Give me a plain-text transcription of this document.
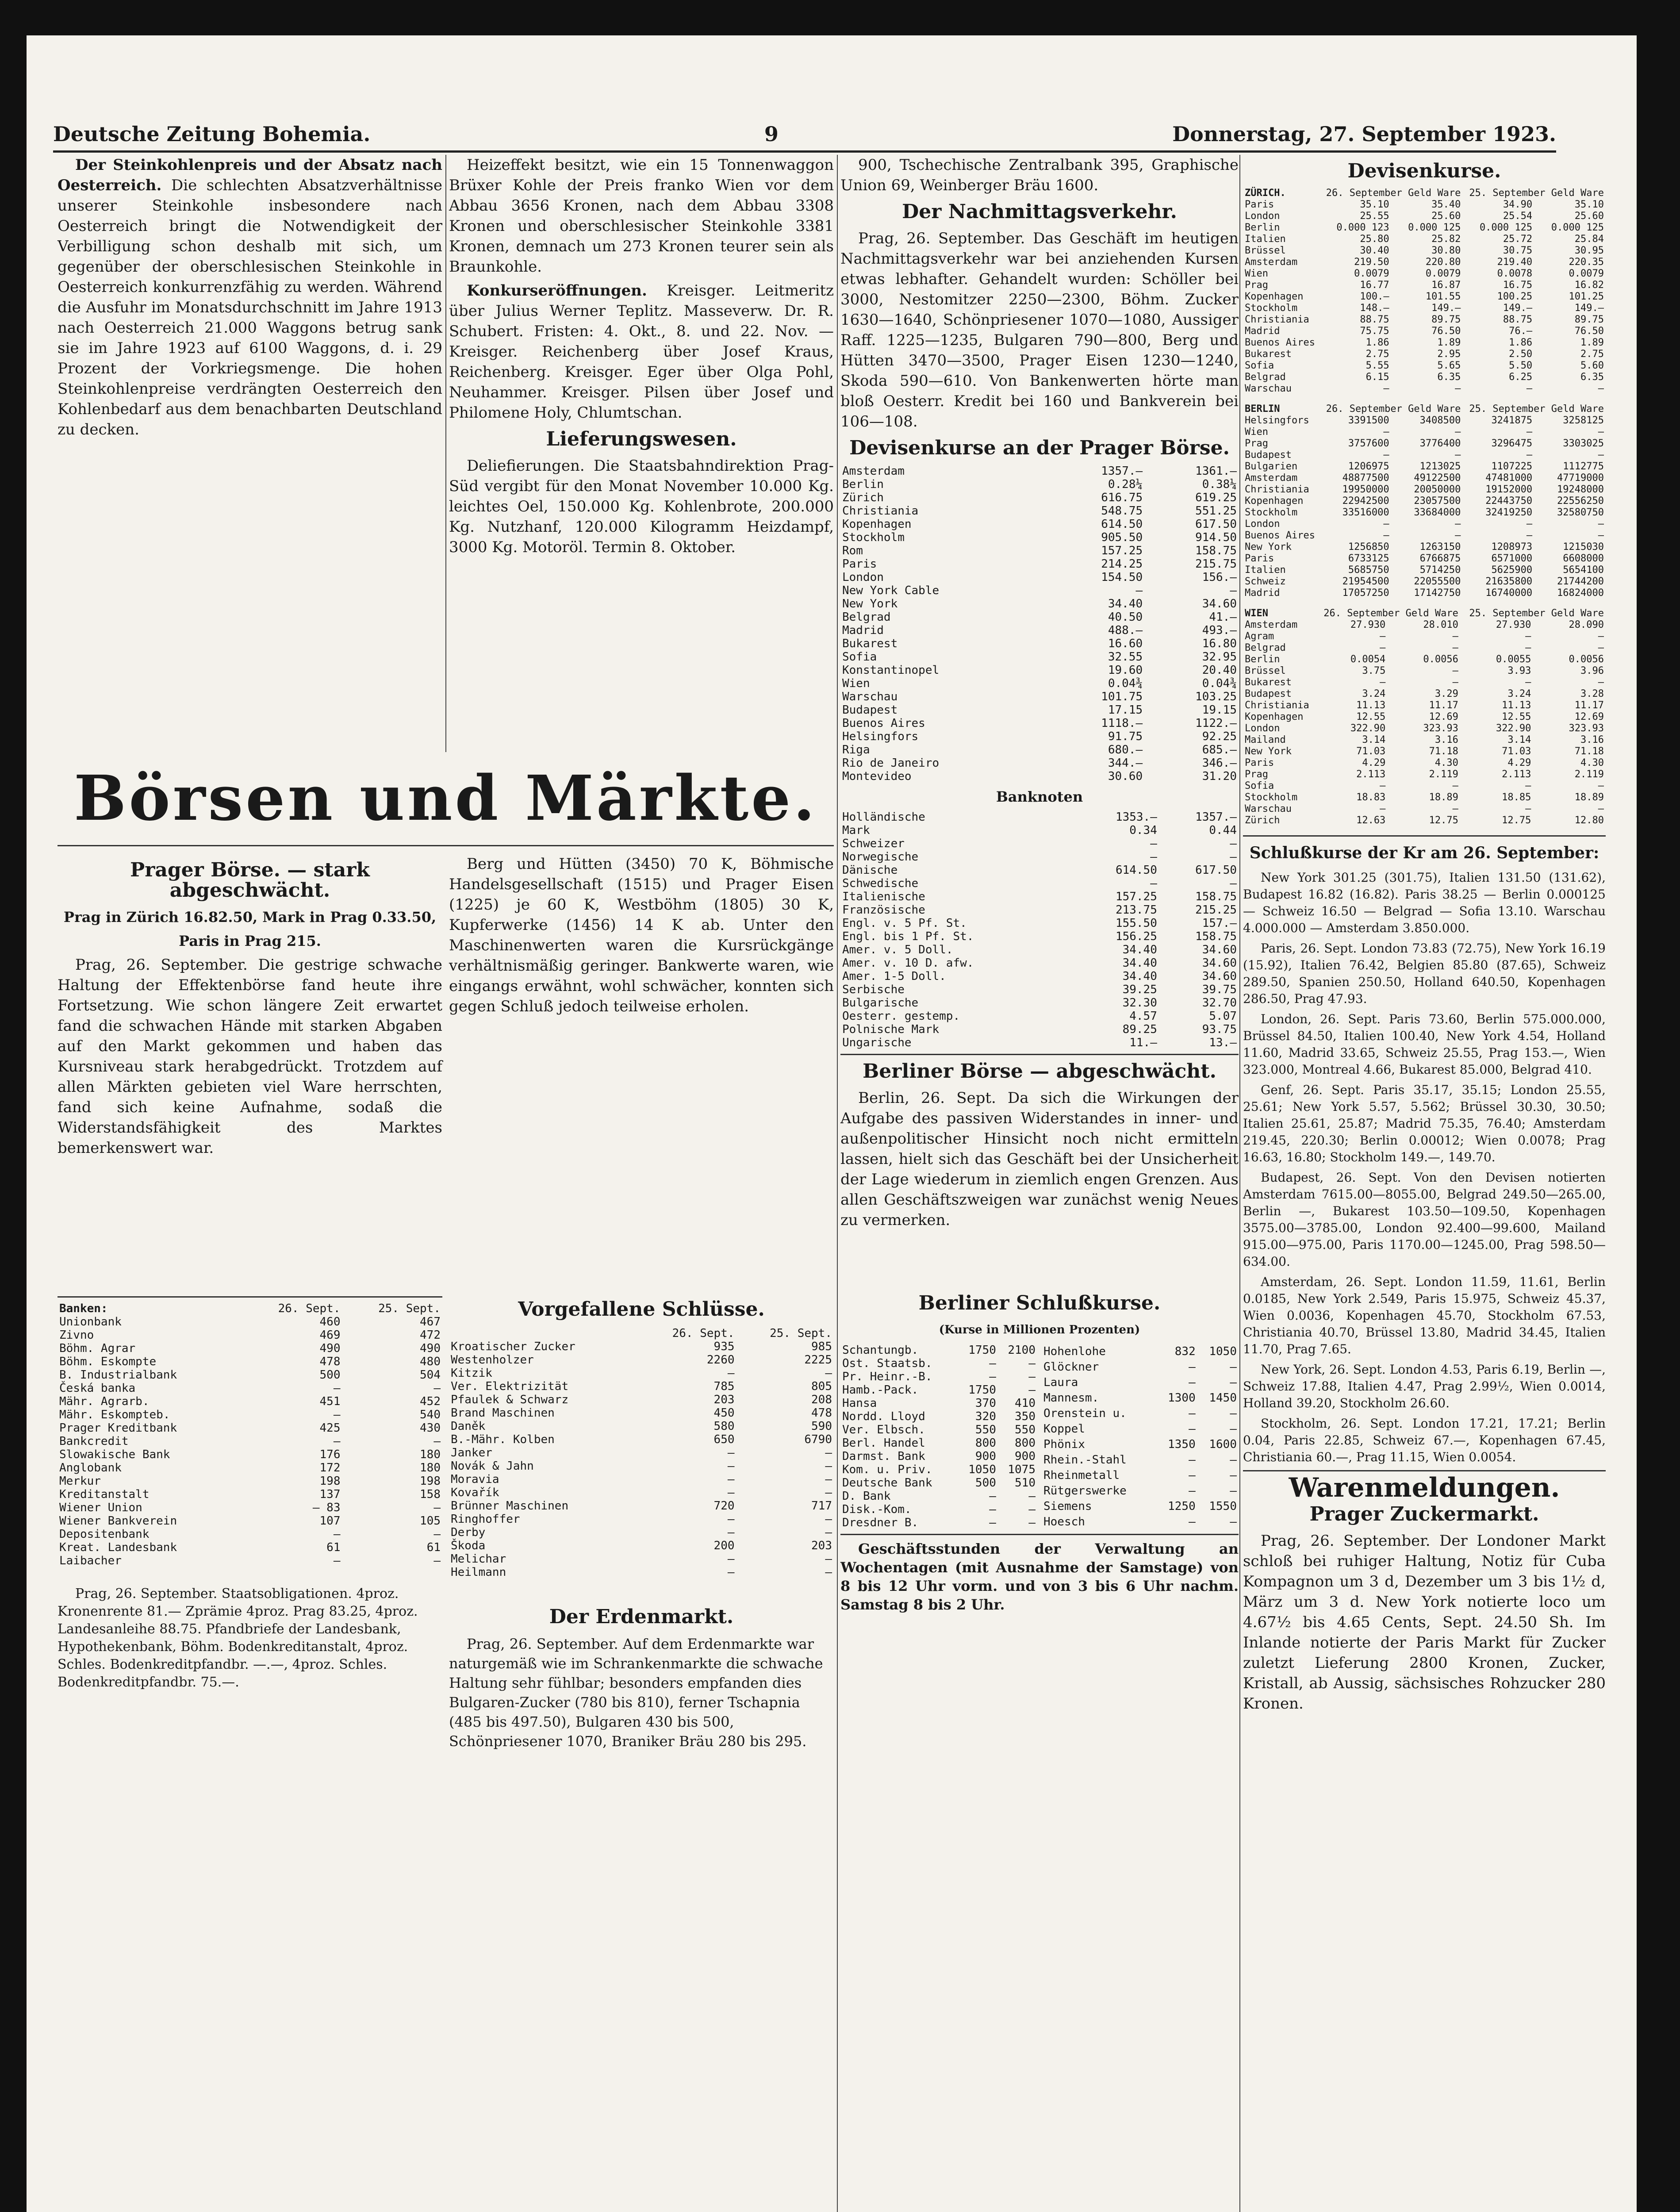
Deutsche Zeitung Bohemia.	9	Donnerstag, 27. September 1923.

Der Steinkohlenpreis und der Absatz nach Oesterreich. Die schlechten Absatzverhältnisse unserer Steinkohle insbesondere nach Oesterreich bringt die Notwendigkeit der Verbilligung schon deshalb mit sich, um gegenüber der oberschlesischen Steinkohle in Oesterreich konkurrenzfähig zu werden. Während die Ausfuhr im Monatsdurchschnitt im Jahre 1913 nach Oesterreich 21.000 Waggons betrug sank sie im Jahre 1923 auf 6100 Waggons, d. i. 29 Prozent der Vorkriegsmenge. Die hohen Steinkohlenpreise verdrängten Oesterreich den Kohlenbedarf aus dem benachbarten Deutschland zu decken.

Börsen und Märkte.
Prager Börse. — stark abgeschwächt.
Prag in Zürich 16.82.50, Mark in Prag 0.33.50,
Paris in Prag 215.

Prag, 26. September. Die gestrige schwache Haltung der Effektenbörse fand heute ihre Fortsetzung. Wie schon längere Zeit erwartet fand die schwachen Hände mit starken Abgaben auf den Markt gekommen und haben das Kursniveau stark herabgedrückt. Trotzdem auf allen Märkten gebieten viel Ware herrschten, fand sich keine Aufnahme, sodaß die Widerstandsfähigkeit des Marktes bemerkenswert war.

Berg und Hütten (3450) 70 K, Böhmische Handelsgesellschaft (1515) und Prager Eisen (1225) je 60 K, Westböhm (1805) 30 K, Kupferwerke (1456) 14 K ab. Unter den Maschinenwerten waren die Kursrückgänge verhältnismäßig geringer. Bankwerte waren, wie eingangs erwähnt, wohl schwächer, konnten sich gegen Schluß jedoch teilweise erholen.

Heizeffekt besitzt, wie ein 15 Tonnenwaggon Brüxer Kohle der Preis franko Wien vor dem Abbau 3656 Kronen, nach dem Abbau 3308 Kronen und oberschlesischer Steinkohle 3381 Kronen, demnach um 273 Kronen teurer sein als Braunkohle.

Konkurseröffnungen. Kreisger. Leitmeritz über Julius Werner Teplitz. Masseverw. Dr. R. Schubert. Fristen: 4. Okt., 8. und 22. Nov. — Kreisger. Reichenberg über Josef Kraus, Reichenberg. Kreisger. Eger über Olga Pohl, Neuhammer. Kreisger. Pilsen über Josef und Philomene Holy, Chlumtschan.

Lieferungswesen.

Deliefierungen. Die Staatsbahndirektion Prag-Süd vergibt für den Monat November 10.000 Kg. leichtes Oel, 150.000 Kg. Kohlenbrote, 200.000 Kg. Nutzhanf, 120.000 Kilogramm Heizdampf, 3000 Kg. Motoröl. Termin 8. Oktober.

Banken:	26. Sept.	25. Sept.
Unionbank	460	467
Zivno	469	472
Böhm. Agrar	490	490
Böhm. Eskompte	478	480
B. Industrialbank	500	504
Česká banka	—	—
Mähr. Agrarb.	451	452
Mähr. Eskompteb.	—	540
Prager Kreditbank	425	430
Bankcredit	—	—
Slowakische Bank	176	180
Anglobank	172	180
Merkur	198	198
Kreditanstalt	137	158
Wiener Union	— 83	—
Wiener Bankverein	107	105
Depositenbank	—	—
Kreat. Landesbank	61	61
Laibacher	—	—

Prag, 26. September. Staatsobligationen. 4proz. Kronenrente 81.— Zprämie 4proz. Prag 83.25, 4proz. Landesanleihe 88.75. Pfandbriefe der Landesbank, Hypothekenbank, Böhm. Bodenkreditanstalt, 4proz. Schles. Bodenkreditpfandbr. —.—, 4proz. Schles. Bodenkreditpfandbr. 75.—.

Vorgefallene Schlüsse.
	26. Sept.	25. Sept.
Kroatischer Zucker	935	985
Westenholzer	2260	2225
Kitzik	—	—
Ver. Elektrizität	785	805
Pfaulek & Schwarz	203	208
Brand Maschinen	450	478
Daněk	580	590
B.-Mähr. Kolben	650	6790
Janker	—	—
Novák & Jahn	—	—
Moravia	—	—
Kovařík	—	—
Brünner Maschinen	720	717
Ringhoffer	—	—
Derby	—	—
Škoda	200	203
Melichar	—	—
Heilmann	—	—
Der Erdenmarkt.

Prag, 26. September. Auf dem Erdenmarkte war naturgemäß wie im Schrankenmarkte die schwache Haltung sehr fühlbar; besonders empfanden dies Bulgaren-Zucker (780 bis 810), ferner Tschapnia (485 bis 497.50), Bulgaren 430 bis 500, Schönpriesener 1070, Braniker Bräu 280 bis 295.

900, Tschechische Zentralbank 395, Graphische Union 69, Weinberger Bräu 1600.

Der Nachmittagsverkehr.

Prag, 26. September. Das Geschäft im heutigen Nachmittagsverkehr war bei anziehenden Kursen etwas lebhafter. Gehandelt wurden: Schöller bei 3000, Nestomitzer 2250—2300, Böhm. Zucker 1630—1640, Schönpriesener 1070—1080, Aussiger Raff. 1225—1235, Bulgaren 790—800, Berg und Hütten 3470—3500, Prager Eisen 1230—1240, Skoda 590—610. Von Bankenwerten hörte man bloß Oesterr. Kredit bei 160 und Bankverein bei 106—108.

Devisenkurse an der Prager Börse.
Amsterdam	1357.—	1361.—
Berlin	0.28¼	0.38¼
Zürich	616.75	619.25
Christiania	548.75	551.25
Kopenhagen	614.50	617.50
Stockholm	905.50	914.50
Rom	157.25	158.75
Paris	214.25	215.75
London	154.50	156.—
New York Cable	—	—
New York	34.40	34.60
Belgrad	40.50	41.—
Madrid	488.—	493.—
Bukarest	16.60	16.80
Sofia	32.55	32.95
Konstantinopel	19.60	20.40
Wien	0.04¾	0.04¾
Warschau	101.75	103.25
Budapest	17.15	19.15
Buenos Aires	1118.—	1122.—
Helsingfors	91.75	92.25
Riga	680.—	685.—
Rio de Janeiro	344.—	346.—
Montevideo	30.60	31.20
Banknoten
Holländische	1353.—	1357.—
Mark	0.34	0.44
Schweizer	—	—
Norwegische	—	—
Dänische	614.50	617.50
Schwedische	—	—
Italienische	157.25	158.75
Französische	213.75	215.25
Engl. v. 5 Pf. St.	155.50	157.—
Engl. bis 1 Pf. St.	156.25	158.75
Amer. v. 5 Doll.	34.40	34.60
Amer. v. 10 D. afw.	34.40	34.60
Amer. 1-5 Doll.	34.40	34.60
Serbische	39.25	39.75
Bulgarische	32.30	32.70
Oesterr. gestemp.	4.57	5.07
Polnische Mark	89.25	93.75
Ungarische	11.—	13.—
Berliner Börse — abgeschwächt.

Berlin, 26. Sept. Da sich die Wirkungen der Aufgabe des passiven Widerstandes in inner- und außenpolitischer Hinsicht noch nicht ermitteln lassen, hielt sich das Geschäft bei der Unsicherheit der Lage wiederum in ziemlich engen Grenzen. Aus allen Geschäftszweigen war zunächst wenig Neues zu vermerken.

Berliner Schlußkurse.
(Kurse in Millionen Prozenten)
Schantungb.	1750	2100
Ost. Staatsb.	—	—
Pr. Heinr.-B.	—	—
Hamb.-Pack.	1750	—
Hansa	370	410
Nordd. Lloyd	320	350
Ver. Elbsch.	550	550
Berl. Handel	800	800
Darmst. Bank	900	900
Kom. u. Priv.	1050	1075
Deutsche Bank	500	510
D. Bank	—	—
Disk.-Kom.	—	—
Dresdner B.	—	—
Hohenlohe	832	1050
Glöckner	—	—
Laura	—	—
Mannesm.	1300	1450
Orenstein u.	—	—
Koppel	—	—
Phönix	1350	1600
Rhein.-Stahl	—	—
Rheinmetall	—	—
Rütgerswerke	—	—
Siemens	1250	1550
Hoesch	—	—

Geschäftsstunden der Verwaltung an Wochentagen (mit Ausnahme der Samstage) von 8 bis 12 Uhr vorm. und von 3 bis 6 Uhr nachm. Samstag 8 bis 2 Uhr.

Devisenkurse.
ZÜRICH.	26. September Geld Ware		25. September Geld Ware	
Paris	35.10	35.40	34.90	35.10
London	25.55	25.60	25.54	25.60
Berlin	0.000 123	0.000 125	0.000 125	0.000 125
Italien	25.80	25.82	25.72	25.84
Brüssel	30.40	30.80	30.75	30.95
Amsterdam	219.50	220.80	219.40	220.35
Wien	0.0079	0.0079	0.0078	0.0079
Prag	16.77	16.87	16.75	16.82
Kopenhagen	100.—	101.55	100.25	101.25
Stockholm	148.—	149.—	149.—	149.—
Christiania	88.75	89.75	88.75	89.75
Madrid	75.75	76.50	76.—	76.50
Buenos Aires	1.86	1.89	1.86	1.89
Bukarest	2.75	2.95	2.50	2.75
Sofia	5.55	5.65	5.50	5.60
Belgrad	6.15	6.35	6.25	6.35
Warschau	—	—	—	—
BERLIN	26. September Geld Ware		25. September Geld Ware	
Helsingfors	3391500	3408500	3241875	3258125
Wien	—	—	—	—
Prag	3757600	3776400	3296475	3303025
Budapest	—	—	—	—
Bulgarien	1206975	1213025	1107225	1112775
Amsterdam	48877500	49122500	47481000	47719000
Christiania	19950000	20050000	19152000	19248000
Kopenhagen	22942500	23057500	22443750	22556250
Stockholm	33516000	33684000	32419250	32580750
London	—	—	—	—
Buenos Aires	—	—	—	—
New York	1256850	1263150	1208973	1215030
Paris	6733125	6766875	6571000	6608000
Italien	5685750	5714250	5625900	5654100
Schweiz	21954500	22055500	21635800	21744200
Madrid	17057250	17142750	16740000	16824000
WIEN	26. September Geld Ware		25. September Geld Ware	
Amsterdam	27.930	28.010	27.930	28.090
Agram	—	—	—	—
Belgrad	—	—	—	—
Berlin	0.0054	0.0056	0.0055	0.0056
Brüssel	3.75	—	3.93	3.96
Bukarest	—	—	—	—
Budapest	3.24	3.29	3.24	3.28
Christiania	11.13	11.17	11.13	11.17
Kopenhagen	12.55	12.69	12.55	12.69
London	322.90	323.93	322.90	323.93
Mailand	3.14	3.16	3.14	3.16
New York	71.03	71.18	71.03	71.18
Paris	4.29	4.30	4.29	4.30
Prag	2.113	2.119	2.113	2.119
Sofia	—	—	—	—
Stockholm	18.83	18.89	18.85	18.89
Warschau	—	—	—	—
Zürich	12.63	12.75	12.75	12.80
Schlußkurse der Kr am 26. September:

New York 301.25 (301.75), Italien 131.50 (131.62), Budapest 16.82 (16.82). Paris 38.25 — Berlin 0.000125 — Schweiz 16.50 — Belgrad — Sofia 13.10. Warschau 4.000.000 — Amsterdam 3.850.000.

Paris, 26. Sept. London 73.83 (72.75), New York 16.19 (15.92), Italien 76.42, Belgien 85.80 (87.65), Schweiz 289.50, Spanien 250.50, Holland 640.50, Kopenhagen 286.50, Prag 47.93.

London, 26. Sept. Paris 73.60, Berlin 575.000.000, Brüssel 84.50, Italien 100.40, New York 4.54, Holland 11.60, Madrid 33.65, Schweiz 25.55, Prag 153.—, Wien 323.000, Montreal 4.66, Bukarest 85.000, Belgrad 410.

Genf, 26. Sept. Paris 35.17, 35.15; London 25.55, 25.61; New York 5.57, 5.562; Brüssel 30.30, 30.50; Italien 25.61, 25.87; Madrid 75.35, 76.40; Amsterdam 219.45, 220.30; Berlin 0.00012; Wien 0.0078; Prag 16.63, 16.80; Stockholm 149.—, 149.70.

Budapest, 26. Sept. Von den Devisen notierten Amsterdam 7615.00—8055.00, Belgrad 249.50—265.00, Berlin —, Bukarest 103.50—109.50, Kopenhagen 3575.00—3785.00, London 92.400—99.600, Mailand 915.00—975.00, Paris 1170.00—1245.00, Prag 598.50—634.00.

Amsterdam, 26. Sept. London 11.59, 11.61, Berlin 0.0185, New York 2.549, Paris 15.975, Schweiz 45.37, Wien 0.0036, Kopenhagen 45.70, Stockholm 67.53, Christiania 40.70, Brüssel 13.80, Madrid 34.45, Italien 11.70, Prag 7.65.

New York, 26. Sept. London 4.53, Paris 6.19, Berlin —, Schweiz 17.88, Italien 4.47, Prag 2.99½, Wien 0.0014, Holland 39.20, Stockholm 26.60.

Stockholm, 26. Sept. London 17.21, 17.21; Berlin 0.04, Paris 22.85, Schweiz 67.—, Kopenhagen 67.45, Christiania 60.—, Prag 11.15, Wien 0.0054.

Warenmeldungen.
Prager Zuckermarkt.

Prag, 26. September. Der Londoner Markt schloß bei ruhiger Haltung, Notiz für Cuba Kompagnon um 3 d, Dezember um 3 bis 1½ d, März um 3 d. New York notierte loco um 4.67½ bis 4.65 Cents, Sept. 24.50 Sh. Im Inlande notierte der Paris Markt für Zucker zuletzt Lieferung 2800 Kronen, Zucker, Kristall, ab Aussig, sächsisches Rohzucker 280 Kronen.
